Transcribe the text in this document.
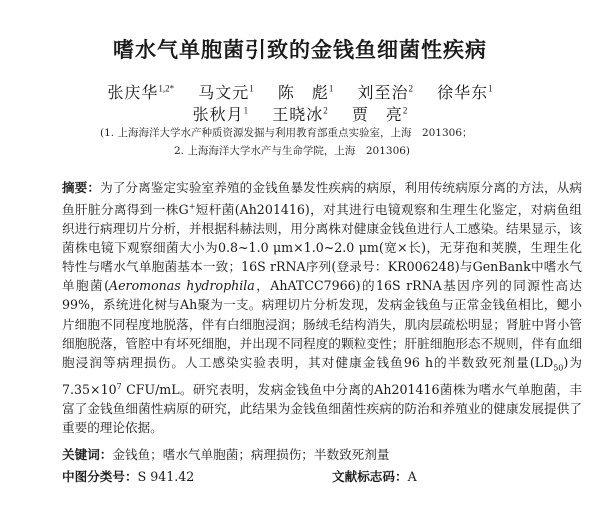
嗜水气单胞菌引致的金钱鱼细菌性疾病
张庆华$^{1,2*}$ 马文元$^1$ 陈　彪$^1$ 刘至治$^2$ 徐华东$^1$
张秋月$^1$ 王晓冰$^2$ 贾　亮$^2$
(1. 上海海洋大学水产种质资源发掘与利用教育部重点实验室，上海　201306；
2. 上海海洋大学水产与生命学院，上海　201306)
摘要：为了分离鉴定实验室养殖的金钱鱼暴发性疾病的病原，利用传统病原分离的方法，从病鱼肝脏分离得到一株G+短杆菌(Ah201416)，对其进行电镜观察和生理生化鉴定，对病鱼组织进行病理切片分析，并根据科赫法则，用分离株对健康金钱鱼进行人工感染。结果显示，该菌株电镜下观察细菌大小为0.8~1.0 μm×1.0~2.0 μm(宽×长)，无芽孢和荚膜，生理生化特性与嗜水气单胞菌基本一致；16S rRNA序列(登录号：KR006248)与GenBank中嗜水气单胞菌(Aeromonas hydrophila，AhATCC7966)的16S rRNA基因序列的同源性高达99%，系统进化树与Ah聚为一支。病理切片分析发现，发病金钱鱼与正常金钱鱼相比，鳃小片细胞不同程度地脱落，伴有白细胞浸润；肠绒毛结构消失，肌肉层疏松明显；肾脏中肾小管细胞脱落，管腔中有坏死细胞，并出现不同程度的颗粒变性；肝脏细胞形态不规则，伴有血细胞浸润等病理损伤。人工感染实验表明，其对健康金钱鱼96 h的半数致死剂量$(LD_{50})$为$7.35\times 10^7$ CFU/mL。研究表明，发病金钱鱼中分离的Ah201416菌株为嗜水气单胞菌，丰富了金钱鱼细菌性病原的研究，此结果为金钱鱼细菌性疾病的防治和养殖业的健康发展提供了重要的理论依据。
关键词：金钱鱼；嗜水气单胞菌；病理损伤；半数致死剂量
中图分类号：S 941.42	文献标志码：A
